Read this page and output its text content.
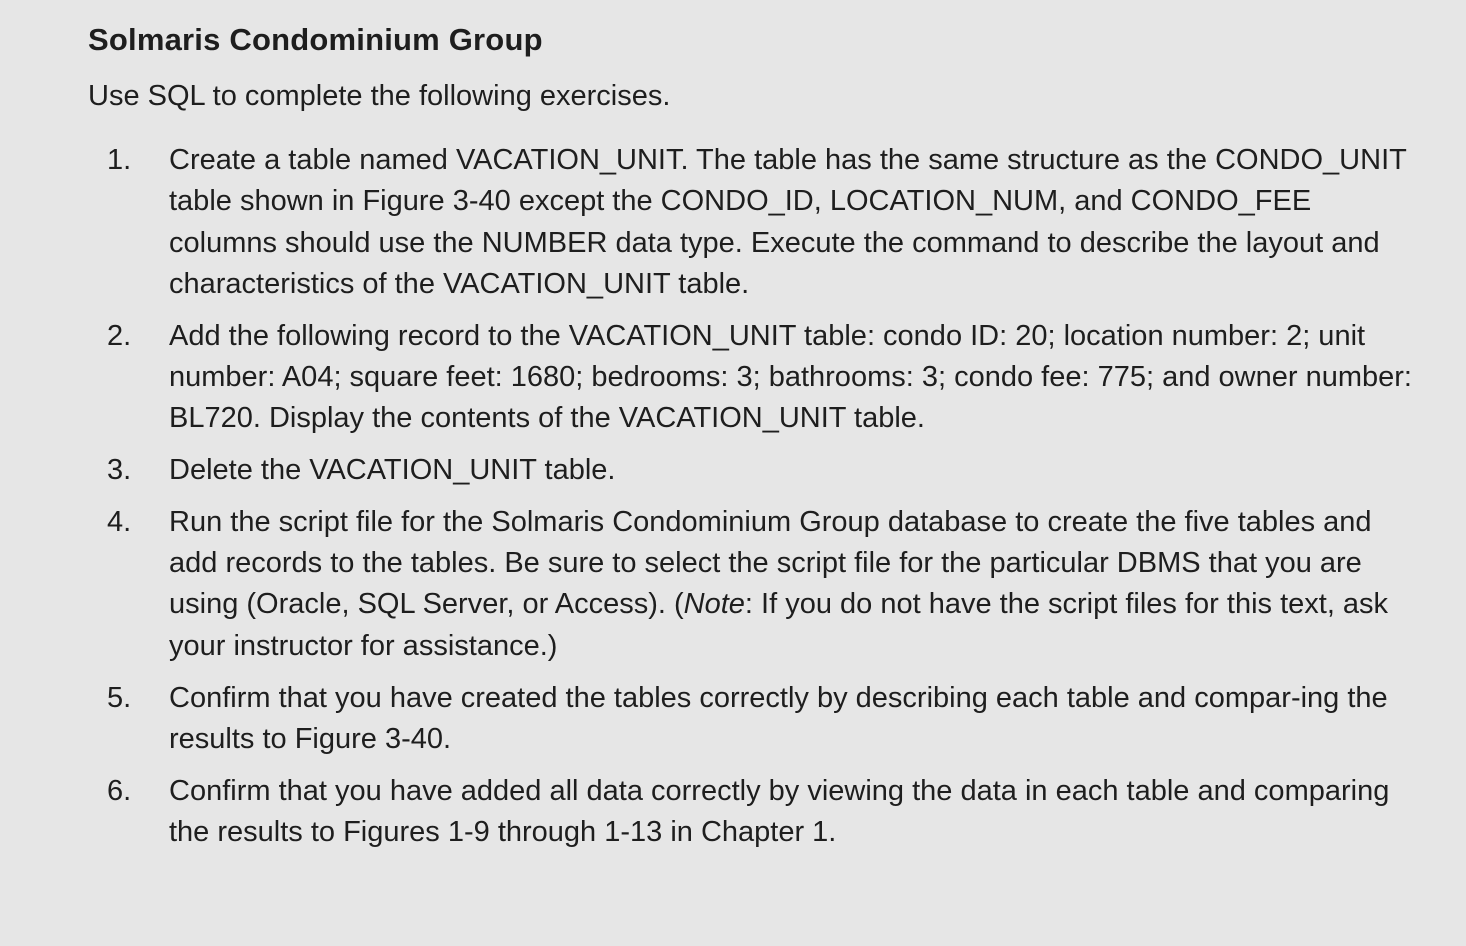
Solmaris Condominium Group

Use SQL to complete the following exercises.

1. Create a table named VACATION_UNIT. The table has the same structure as the CONDO_UNIT table shown in Figure 3-40 except the CONDO_ID, LOCATION_NUM, and CONDO_FEE columns should use the NUMBER data type. Execute the command to describe the layout and characteristics of the VACATION_UNIT table.
2. Add the following record to the VACATION_UNIT table: condo ID: 20; location number: 2; unit number: A04; square feet: 1680; bedrooms: 3; bathrooms: 3; condo fee: 775; and owner number: BL720. Display the contents of the VACATION_UNIT table.
3. Delete the VACATION_UNIT table.
4. Run the script file for the Solmaris Condominium Group database to create the five tables and add records to the tables. Be sure to select the script file for the particular DBMS that you are using (Oracle, SQL Server, or Access). (Note: If you do not have the script files for this text, ask your instructor for assistance.)
5. Confirm that you have created the tables correctly by describing each table and compar-ing the results to Figure 3-40.
6. Confirm that you have added all data correctly by viewing the data in each table and comparing the results to Figures 1-9 through 1-13 in Chapter 1.
